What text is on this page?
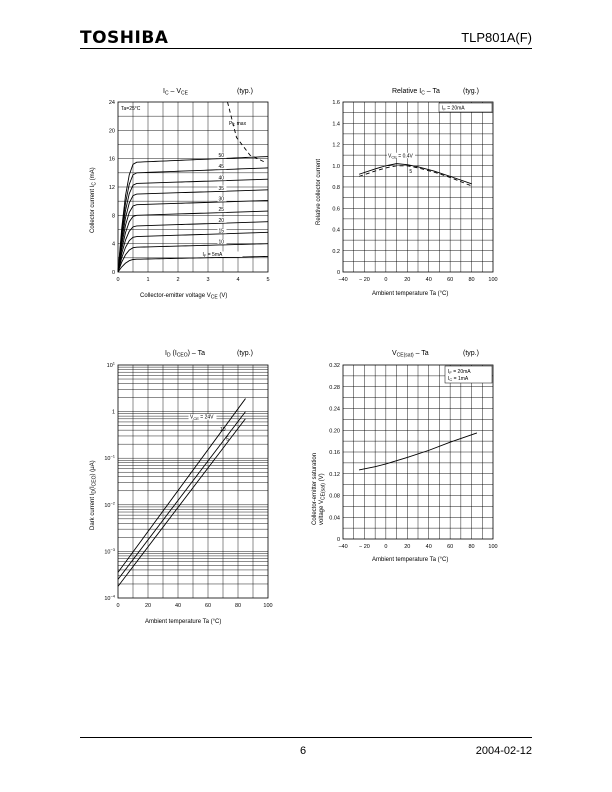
TOSHIBA	TLP801A(F)
$I_C - V_{CE}$	(typ.)
0	1	2	3	4	5
0
4
8
12
16
20
24
$I_F = 5mA$
10
15
20
25
30
35
40
45
50
Ta=25°C
$P_C$ max
Collector-emitter voltage $V_{CE}$ (V)
Collector current $I_C$ (mA)
Relative $I_C$ – Ta	(tyg.)
−40 − 20	0	20	40	60	80	100
0
0.2
0.4
0.6
0.8
1.0
1.2
1.4
1.6
$V_{CE} = 0.4V$
5
$I_F = 20mA$
Ambient temperature Ta (°C)
Relative collector current
$I_D$ $(I_{CEO})$ – Ta	(typ.)
0	20	40	60	80	100
$10^1$
1
$10^{-1}$
$10^{-2}$
$10^{-3}$
$10^{-4}$
$V_{CE} = 24V$
10
5
Ambient temperature Ta (°C)
Dark current $I_D(I_{CEO})$ (μA)
$V_{CE(sat)}$ – Ta	(typ.)
−40 − 20	0	20	40	60	80	100
0
0.04
0.08
0.12
0.16
0.20
0.24
0.28
0.32
$I_F = 20mA$
$I_C = 1mA$
Ambient temperature Ta (°C)
Collector-emitter saturation voltage $V_{CE(sat)}$ (V)
6	2004-02-12
